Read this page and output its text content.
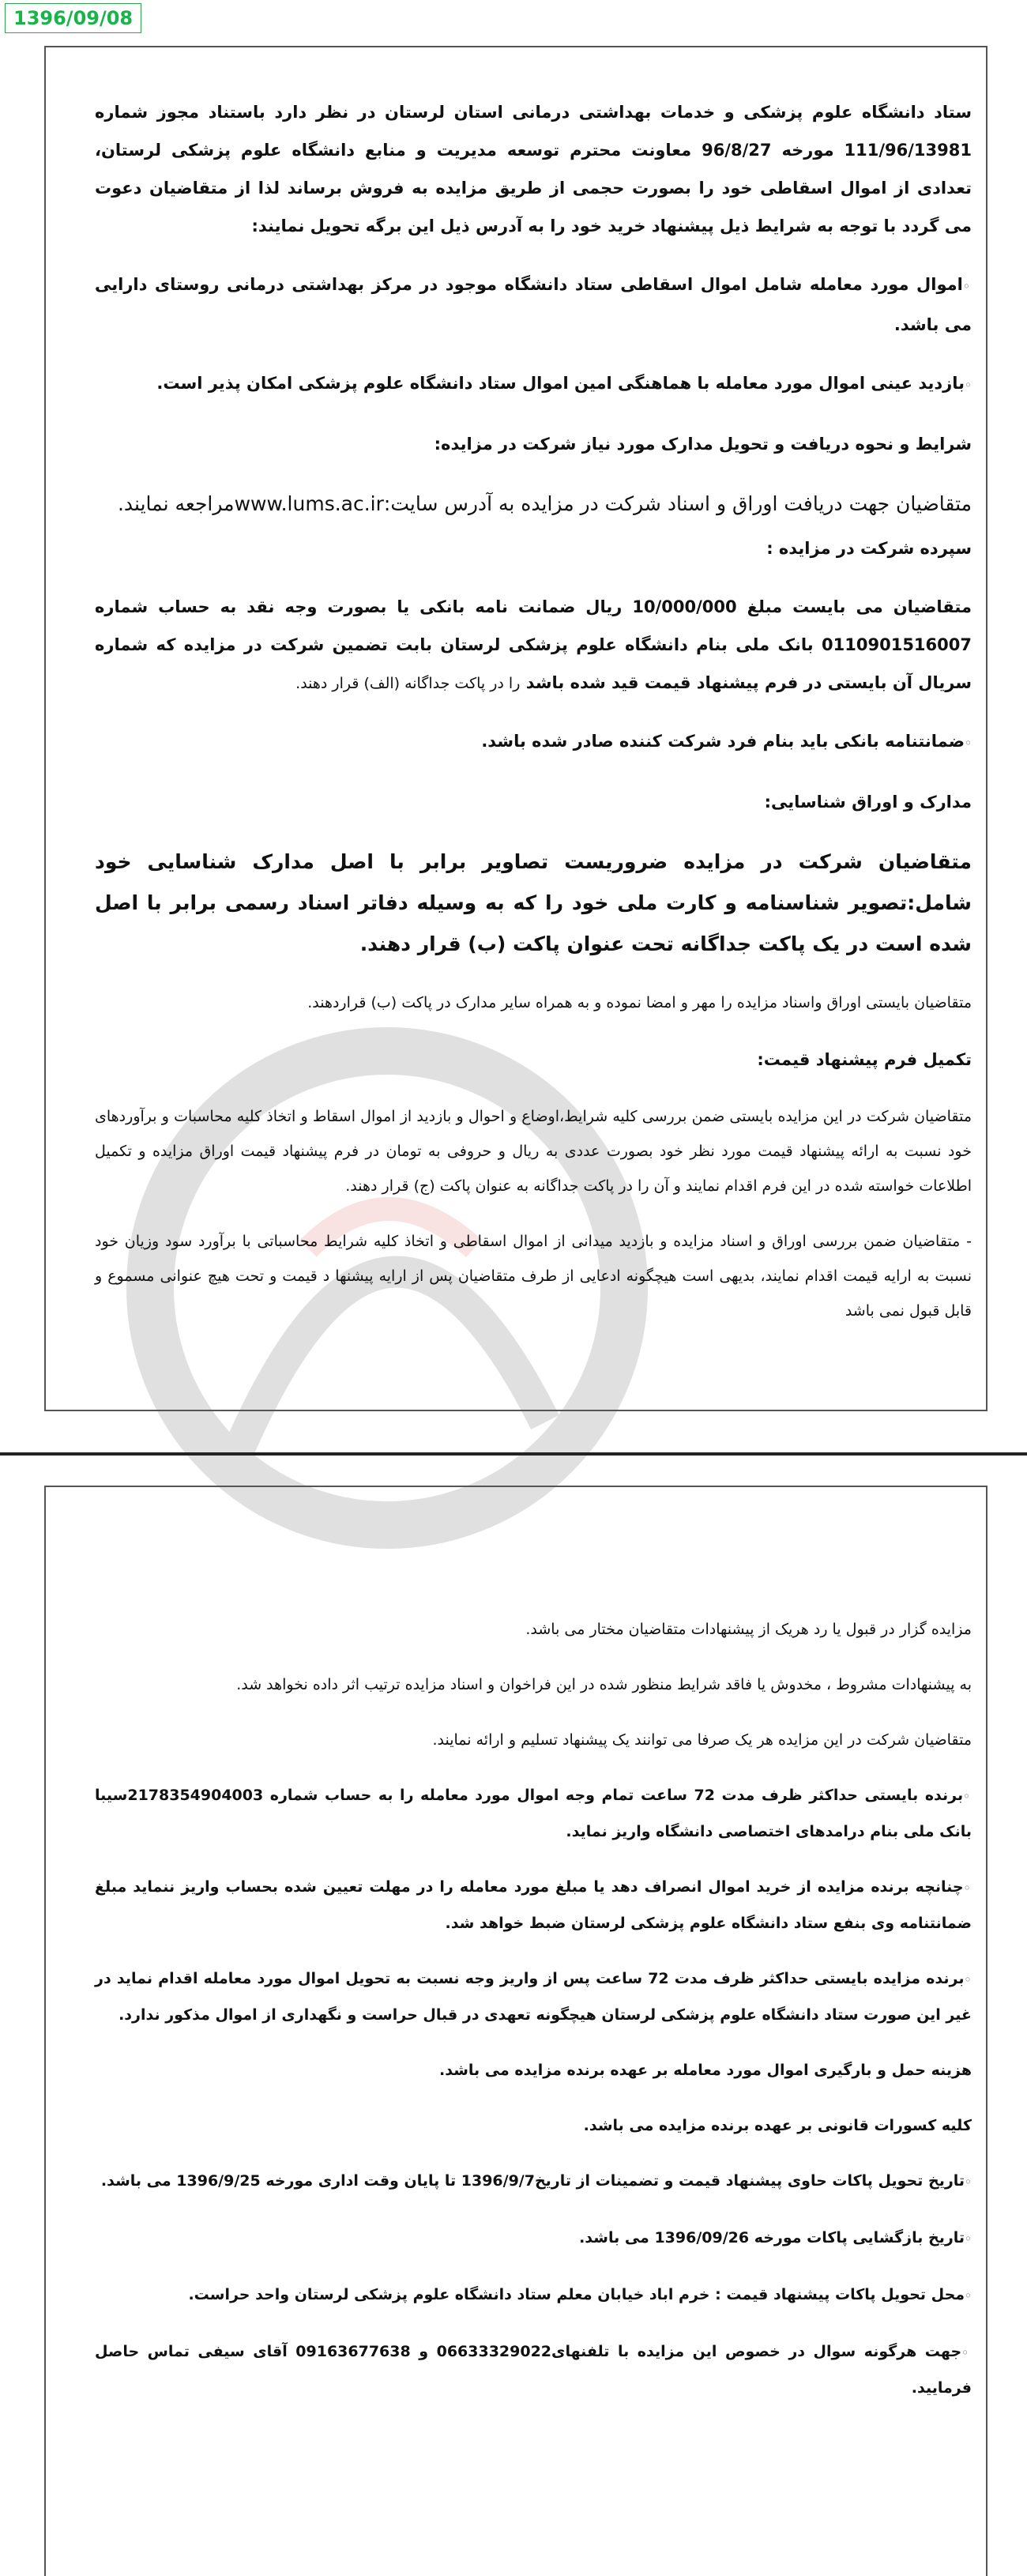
1396/09/08

ستاد دانشگاه علوم پزشکی و خدمات بهداشتی درمانی استان لرستان در نظر دارد باستناد مجوز شماره 111/96/13981 مورخه 96/8/27 معاونت محترم توسعه مدیریت و منابع دانشگاه علوم پزشکی لرستان، تعدادی از اموال اسقاطی خود را بصورت حجمی از طریق مزایده به فروش برساند لذا از متقاضیان دعوت می گردد با توجه به شرایط ذیل پیشنهاد خرید خود را به آدرس ذیل این برگه تحویل نمایند:

◦اموال مورد معامله شامل اموال اسقاطی ستاد دانشگاه موجود در مرکز بهداشتی درمانی روستای دارایی می باشد.

◦بازدید عینی اموال مورد معامله با هماهنگی امین اموال ستاد دانشگاه علوم پزشکی امکان پذیر است.

شرایط و نحوه دریافت و تحویل مدارک مورد نیاز شرکت در مزایده:

متقاضیان جهت دریافت اوراق و اسناد شرکت در مزایده به آدرس سایت:www.lums.ac.irمراجعه نمایند.

سپرده شرکت در مزایده :

متقاضیان می بایست مبلغ 10/000/000 ریال ضمانت نامه بانکی یا بصورت وجه نقد به حساب شماره 0110901516007 بانک ملی بنام دانشگاه علوم پزشکی لرستان بابت تضمین شرکت در مزایده که شماره سریال آن بایستی در فرم پیشنهاد قیمت قید شده باشد را در پاکت جداگانه (الف) قرار دهند.

◦ضمانتنامه بانکی باید بنام فرد شرکت کننده صادر شده باشد.

مدارک و اوراق شناسایی:

متقاضیان شرکت در مزایده ضروریست تصاویر برابر با اصل مدارک شناسایی خود شامل:تصویر شناسنامه و کارت ملی خود را که به وسیله دفاتر اسناد رسمی برابر با اصل شده است در یک پاکت جداگانه تحت عنوان پاکت (ب) قرار دهند.

متقاضیان بایستی اوراق واسناد مزایده را مهر و امضا نموده و به همراه سایر مدارک در پاکت (ب) قراردهند.

تکمیل فرم پیشنهاد قیمت:

متقاضیان شرکت در این مزایده بایستی ضمن بررسی کلیه شرایط،اوضاع و احوال و بازدید از اموال اسقاط و اتخاذ کلیه محاسبات و برآوردهای خود نسبت به ارائه پیشنهاد قیمت مورد نظر خود بصورت عددی به ریال و حروفی به تومان در فرم پیشنهاد قیمت اوراق مزایده و تکمیل اطلاعات خواسته شده در این فرم اقدام نمایند و آن را در پاکت جداگانه به عنوان پاکت (ج) قرار دهند.

- متقاضیان ضمن بررسی اوراق و اسناد مزایده و بازدید میدانی از اموال اسقاطی و اتخاذ کلیه شرایط محاسباتی با برآورد سود وزیان خود نسبت به ارایه قیمت اقدام نمایند، بدیهی است هیچگونه ادعایی از طرف متقاضیان پس از ارایه پیشنها د قیمت و تحت هیچ عنوانی مسموع و قابل قبول نمی باشد

مزایده گزار در قبول یا رد هریک از پیشنهادات متقاضیان مختار می باشد.

به پیشنهادات مشروط ، مخدوش یا فاقد شرایط منظور شده در این فراخوان و اسناد مزایده ترتیب اثر داده نخواهد شد.

متقاضیان شرکت در این مزایده هر یک صرفا می توانند یک پیشنهاد تسلیم و ارائه نمایند.

◦برنده بایستی حداکثر ظرف مدت 72 ساعت تمام وجه اموال مورد معامله را به حساب شماره 2178354904003سیبا بانک ملی بنام درامدهای اختصاصی دانشگاه واریز نماید.

◦چنانچه برنده مزایده از خرید اموال انصراف دهد یا مبلغ مورد معامله را در مهلت تعیین شده بحساب واریز ننماید مبلغ ضمانتنامه وی بنفع ستاد دانشگاه علوم پزشکی لرستان ضبط خواهد شد.

◦برنده مزایده بایستی حداکثر ظرف مدت 72 ساعت پس از واریز وجه نسبت به تحویل اموال مورد معامله اقدام نماید در غیر این صورت ستاد دانشگاه علوم پزشکی لرستان هیچگونه تعهدی در قبال حراست و نگهداری از اموال مذکور ندارد.

هزینه حمل و بارگیری اموال مورد معامله بر عهده برنده مزایده می باشد.

کلیه کسورات قانونی بر عهده برنده مزایده می باشد.

◦تاریخ تحویل پاکات حاوی پیشنهاد قیمت و تضمینات از تاریخ1396/9/7 تا پایان وقت اداری مورخه 1396/9/25 می باشد.

◦تاریخ بازگشایی پاکات مورخه 1396/09/26 می باشد.

◦محل تحویل پاکات پیشنهاد قیمت : خرم اباد خیابان معلم ستاد دانشگاه علوم پزشکی لرستان واحد حراست.

◦جهت هرگونه سوال در خصوص این مزایده با تلفنهای06633329022 و 09163677638 آقای سیفی تماس حاصل فرمایید.
